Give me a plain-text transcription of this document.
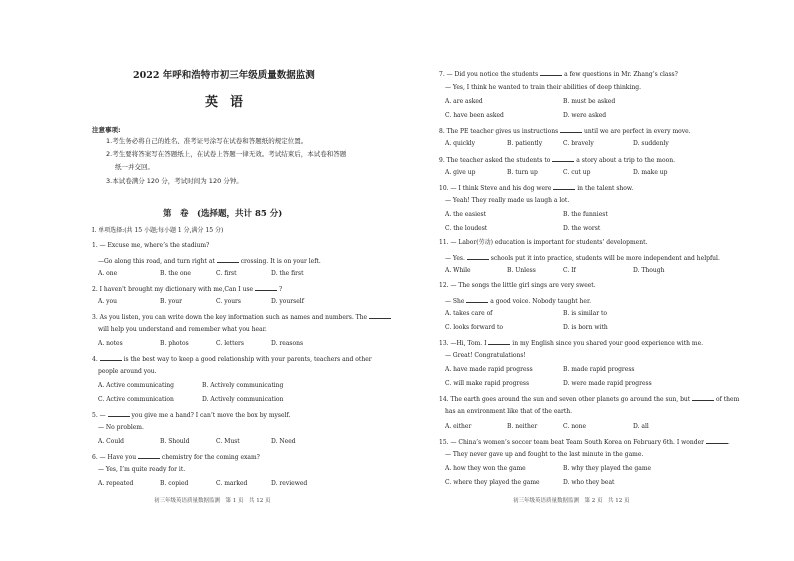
2022 年呼和浩特市初三年级质量数据监测
英语
注意事项:
1.考生务必将自己的姓名、准考证号涂写在试卷和答题纸的规定位置。
2.考生要将答案写在答题纸上，在试卷上答题一律无效。考试结束后，本试卷和答题
纸一并交回。
3.本试卷满分 120 分，考试时间为 120 分钟。
第　卷　(选择题，共计 85 分)
I. 单项选择:(共 15 小题;每小题 1 分,满分 15 分)
1. — Excuse me, where’s the stadium?
—Go along this road, and turn right at	crossing. It is on your left.
A. one	B. the one	C. first	D. the first
2. I haven't brought my dictionary with me,Can I use	?
A. you	B. your	C. yours	D. yourself
3. As you listen, you can write down the key information such as names and numbers. The
will help you understand and remember what you hear.
A. notes	B. photos	C. letters	D. reasons
4.	is the best way to keep a good relationship with your parents, teachers and other
people around you.
A. Active communicating	B. Actively communicating
C. Active communication	D. Actively communication
5. —	you give me a hand? I can’t move the box by myself.
— No problem.
A. Could	B. Should	C. Must	D. Need
6. — Have you	chemistry for the coming exam?
— Yes, I’m quite ready for it.
A. repeated	B. copied	C. marked	D. reviewed
初三年级英语质量数据监测　第 1 页　共 12 页
7. — Did you notice the students	a few questions in Mr. Zhang’s class?
— Yes, I think he wanted to train their abilities of deep thinking.
A. are asked	B. must be asked
C. have been asked	D. were asked
8. The PE teacher gives us instructions	until we are perfect in every move.
A. quickly	B. patiently	C. bravely	D. suddenly
9. The teacher asked the students to	a story about a trip to the moon.
A. give up	B. turn up	C. cut up	D. make up
10. — I think Steve and his dog were	in the talent show.
— Yeah! They really made us laugh a lot.
A. the easiest	B. the funniest
C. the loudest	D. the worst
11. — Labor(劳动) education is important for students’ development.
— Yes.	schools put it into practice, students will be more independent and helpful.
A. While	B. Unless	C. If	D. Though
12. — The songs the little girl sings are very sweet.
— She	a good voice. Nobody taught her.
A. takes care of	B. is similar to
C. looks forward to	D. is born with
13. —Hi, Tom. I	in my English since you shared your good experience with me.
— Great! Congratulations!
A. have made rapid progress	B. made rapid progress
C. will make rapid progress	D. were made rapid progress
14. The earth goes around the sun and seven other planets go around the sun, but	of them
has an environment like that of the earth.
A. either	B. neither	C. none	D. all
15. — China’s women’s soccer team beat Team South Korea on February 6th. I wonder	.
— They never gave up and fought to the last minute in the game.
A. how they won the game	B. why they played the game
C. where they played the game	D. who they beat
初三年级英语质量数据监测　第 2 页　共 12 页
